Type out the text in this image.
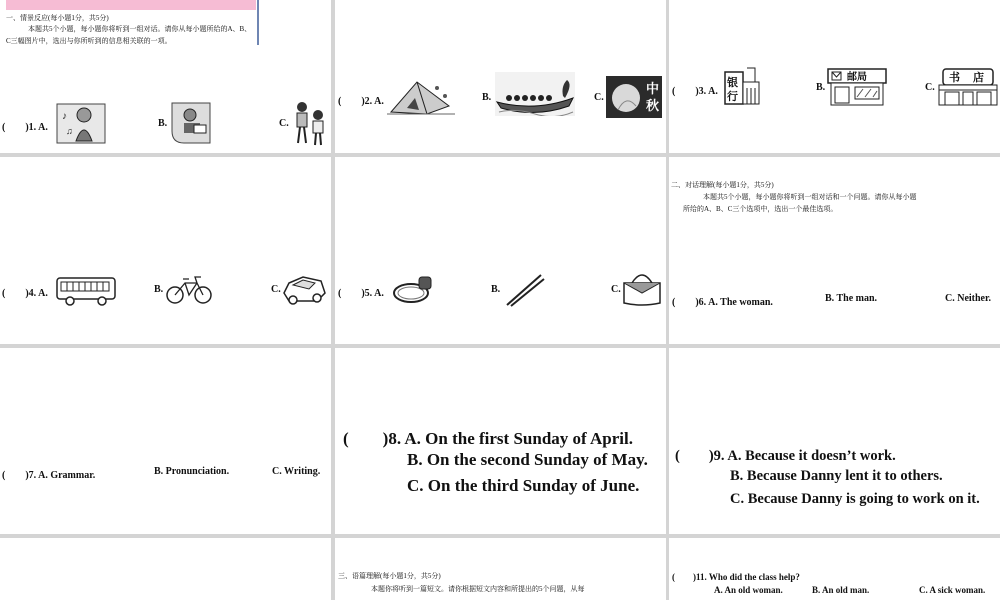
一、情景反应(每小题1分，共5分)
本题共5个小题，每小题你将听到一组对话。请你从每小题所给的A、B、
C三幅图片中，选出与你所听到的信息相关联的一项。
(　　)1. A.
♪
♫
B.	C.
(　　)2. A.	B.	C.
中
秋
(　　)3. A.
银
行
B.
邮局
C.
书 店
(　　)4. A.	B.	C.	(　　)5. A.	B.	C.
二、对话理解(每小题1分，共5分)
本题共5个小题，每小题你将听到一组对话和一个问题。请你从每小题
所给的A、B、C三个选项中，选出一个最佳选项。
(　　)6. A. The woman.	B. The man.	C. Neither.
(　　)7. A. Grammar.	B. Pronunciation.	C. Writing.
(　　)8. A. On the first Sunday of April.
B. On the second Sunday of May.
C. On the third Sunday of June.
(　　)9. A. Because it doesn’t work.
B. Because Danny lent it to others.
C. Because Danny is going to work on it.
三、语篇理解(每小题1分，共5分)
本题你将听到一篇短文。请你根据短文内容和所提出的5个问题，从每
(　　)11. Who did the class help?
A. An old woman.	B. An old man.	C. A sick woman.
